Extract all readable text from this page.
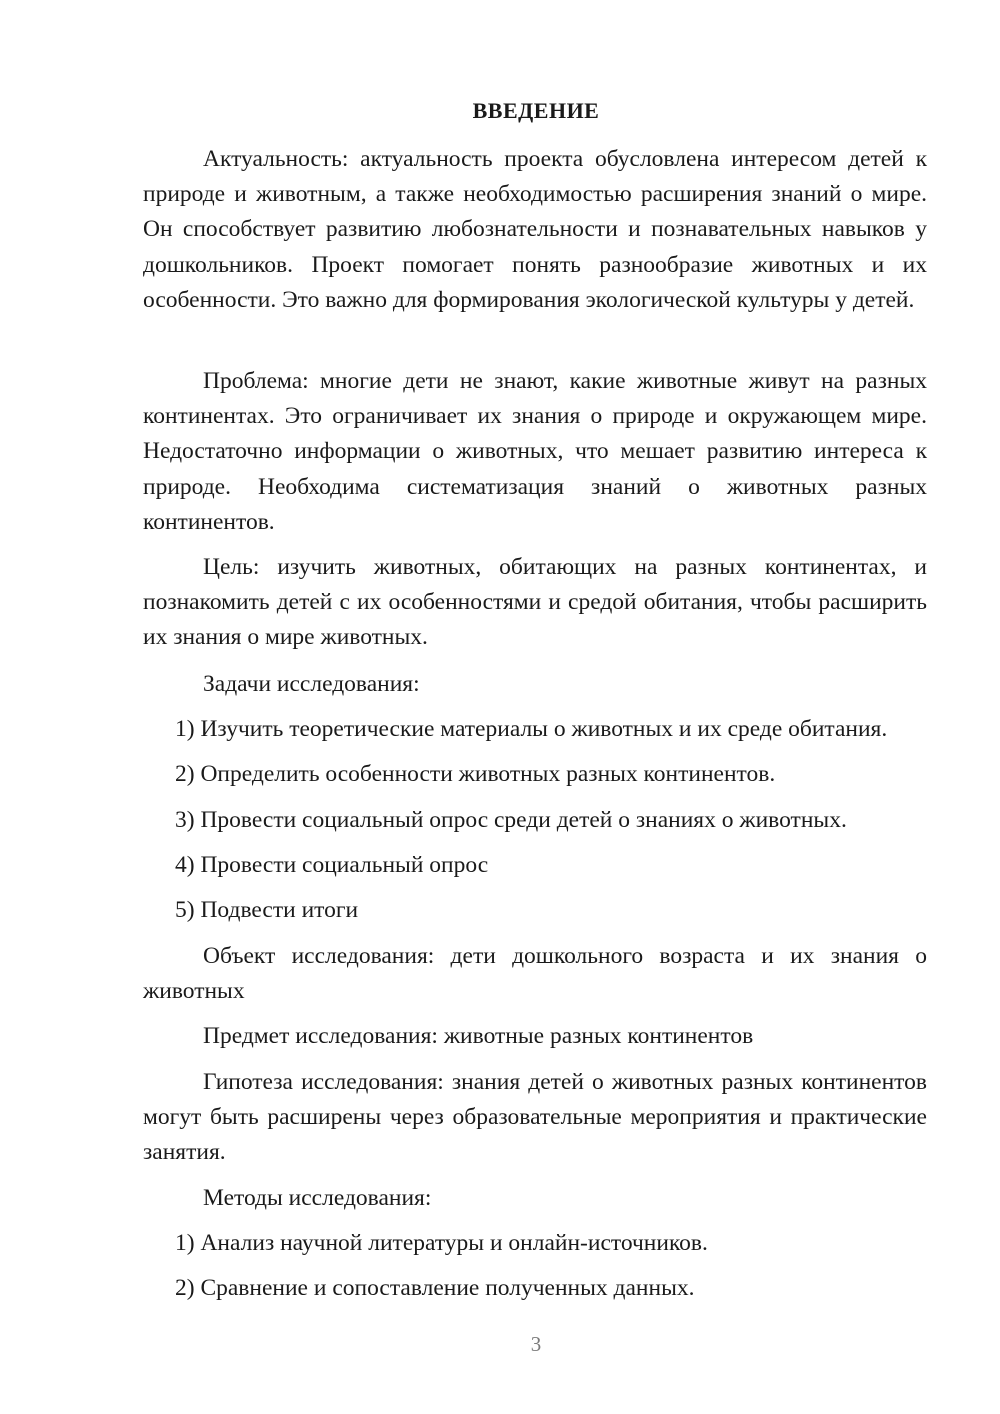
ВВЕДЕНИЕ

Актуальность: актуальность проекта обусловлена интересом детей к природе и животным, а также необходимостью расширения знаний о мире. Он способствует развитию любознательности и познавательных навыков у дошкольников. Проект помогает понять разнообразие животных и их особенности. Это важно для формирования экологической культуры у детей.

Проблема: многие дети не знают, какие животные живут на разных континентах. Это ограничивает их знания о природе и окружающем мире. Недостаточно информации о животных, что мешает развитию интереса к природе. Необходима систематизация знаний о животных разных континентов.

Цель: изучить животных, обитающих на разных континентах, и познакомить детей с их особенностями и средой обитания, чтобы расширить их знания о мире животных.

Задачи исследования:

1) Изучить теоретические материалы о животных и их среде обитания.

2) Определить особенности животных разных континентов.

3) Провести социальный опрос среди детей о знаниях о животных.

4) Провести социальный опрос

5) Подвести итоги

Объект исследования: дети дошкольного возраста и их знания о животных

Предмет исследования: животные разных континентов

Гипотеза исследования: знания детей о животных разных континентов могут быть расширены через образовательные мероприятия и практические занятия.

Методы исследования:

1) Анализ научной литературы и онлайн-источников.

2) Сравнение и сопоставление полученных данных.

3
